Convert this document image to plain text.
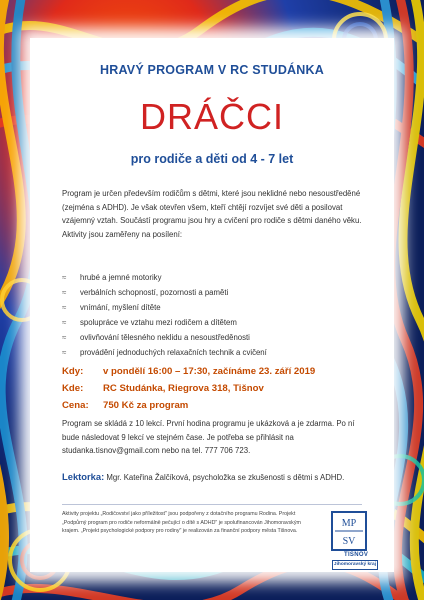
HRAVÝ PROGRAM V RC STUDÁNKA
DRÁČCI
pro rodiče a děti od 4 - 7 let
Program je určen především rodičům s dětmi, které jsou neklidné nebo nesoustředěné (zejména s ADHD). Je však otevřen všem, kteří chtějí rozvíjet své děti a posilovat vzájemný vztah. Součástí programu jsou hry a cvičení pro rodiče s dětmi daného věku. Aktivity jsou zaměřeny na posílení:
≈	hrubé a jemné motoriky
≈	verbálních schopností, pozornosti a paměti
≈	vnímání, myšlení dítěte
≈	spolupráce ve vztahu mezi rodičem a dítětem
≈	ovlivňování tělesného neklidu a nesoustředěnosti
≈	provádění jednoduchých relaxačních technik a cvičení
Kdy:	v pondělí 16:00 – 17:30, začínáme 23. září 2019
Kde:	RC Studánka, Riegrova 318, Tišnov
Cena:	750 Kč za program
Program se skládá z 10 lekcí. První hodina programu je ukázková a je zdarma. Po ní bude následovat 9 lekcí ve stejném čase. Je potřeba se přihlásit na studanka.tisnov@gmail.com nebo na tel. 777 706 723.
Lektorka: Mgr. Kateřina Žalčíková, psycholožka se zkušenosti s dětmi s ADHD.
Aktivity projektu „Rodičovství jako příležitost" jsou podpořeny z dotačního programu Rodina. Projekt „Podpůrný program pro rodiče neformálně pečující o dítě s ADHD" je spolufinancován Jihomoravským krajem. „Projekt psychologické podpory pro rodiny" je realizován za finanční podpory města Tišnova.
MP
SV
TIŠNOV
Jihomoravský kraj
